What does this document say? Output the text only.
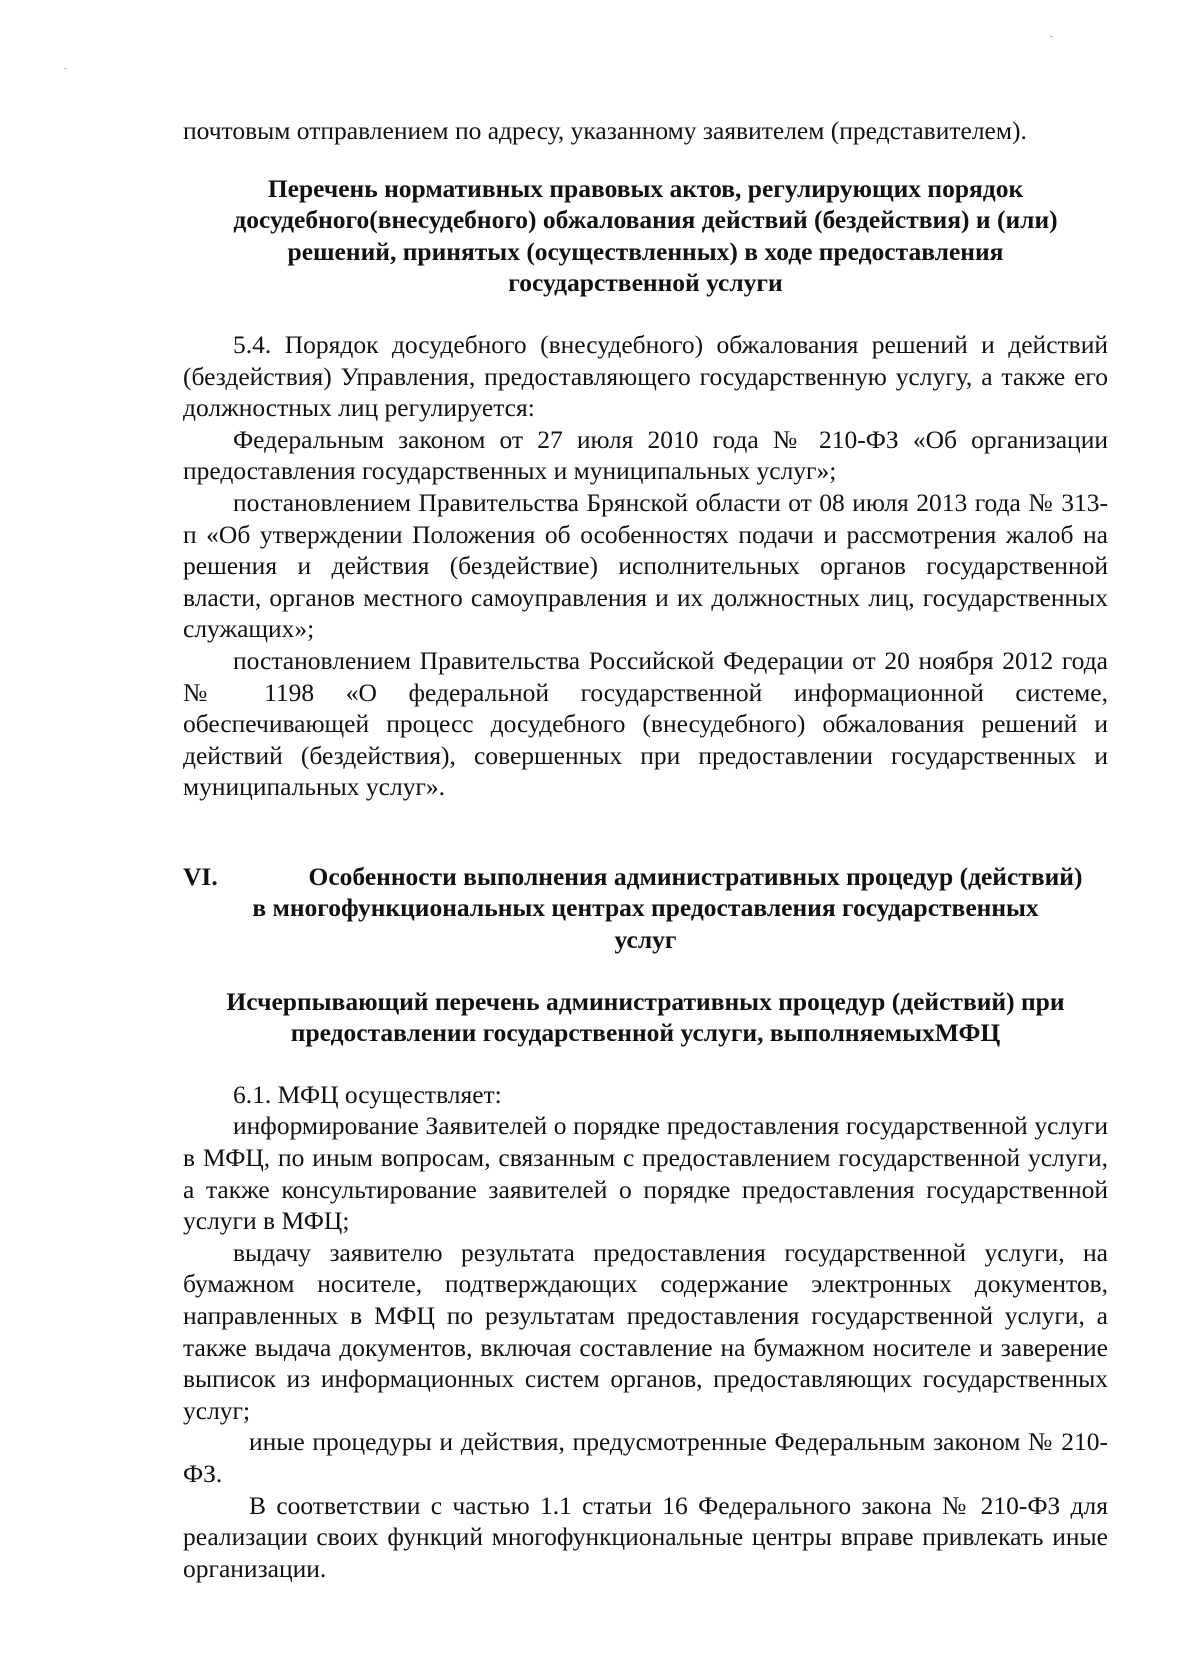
почтовым отправлением по адресу, указанному заявителем (представителем).

Перечень нормативных правовых актов, регулирующих порядок досудебного(внесудебного) обжалования действий (бездействия) и (или) решений, принятых (осуществленных) в ходе предоставления государственной услуги

5.4. Порядок досудебного (внесудебного) обжалования решений и действий (бездействия) Управления, предоставляющего государственную услугу, а также его должностных лиц регулируется:

Федеральным законом от 27 июля 2010 года № 210-ФЗ «Об организации предоставления государственных и муниципальных услуг»;

постановлением Правительства Брянской области от 08 июля 2013 года № 313-п «Об утверждении Положения об особенностях подачи и рассмотрения жалоб на решения и действия (бездействие) исполнительных органов государственной власти, органов местного самоуправления и их должностных лиц, государственных служащих»;

постановлением Правительства Российской Федерации от 20 ноября 2012 года № 1198 «О федеральной государственной информационной системе, обеспечивающей процесс досудебного (внесудебного) обжалования решений и действий (бездействия), совершенных при предоставлении государственных и муниципальных услуг».

VI.	Особенности выполнения административных процедур (действий)

в многофункциональных центрах предоставления государственных услуг

Исчерпывающий перечень административных процедур (действий) при предоставлении государственной услуги, выполняемыхМФЦ

6.1. МФЦ осуществляет:

информирование Заявителей о порядке предоставления государственной услуги в МФЦ, по иным вопросам, связанным с предоставлением государственной услуги, а также консультирование заявителей о порядке предоставления государственной услуги в МФЦ;

выдачу заявителю результата предоставления государственной услуги, на бумажном носителе, подтверждающих содержание электронных документов, направленных в МФЦ по результатам предоставления государственной услуги, а также выдача документов, включая составление на бумажном носителе и заверение выписок из информационных систем органов, предоставляющих государственных услуг;

иные процедуры и действия, предусмотренные Федеральным законом № 210-ФЗ.

В соответствии с частью 1.1 статьи 16 Федерального закона № 210-ФЗ для реализации своих функций многофункциональные центры вправе привлекать иные организации.
